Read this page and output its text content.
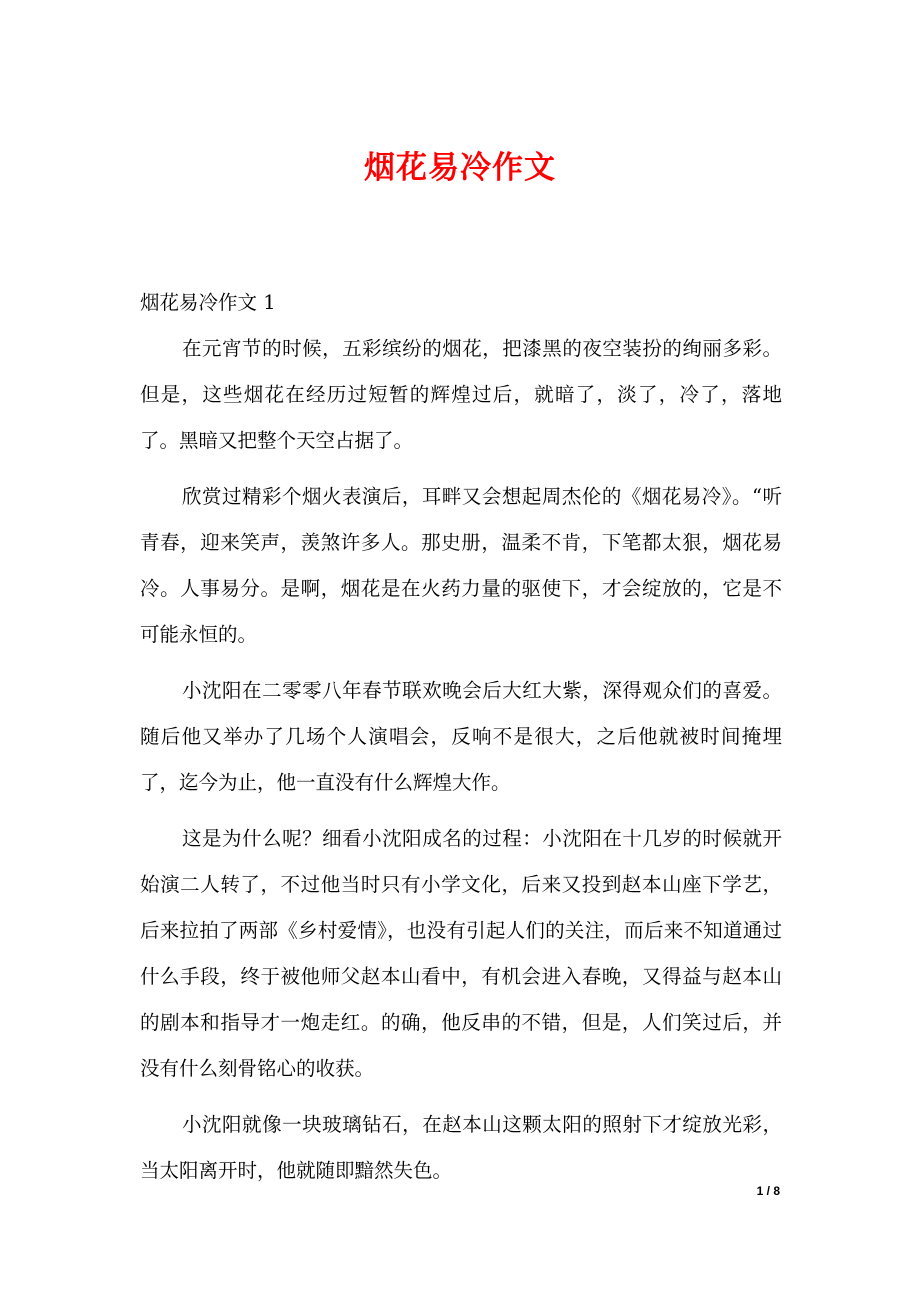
烟花易冷作文

烟花易冷作文 1

在元宵节的时候，五彩缤纷的烟花，把漆黑的夜空装扮的绚丽多彩。但是，这些烟花在经历过短暂的辉煌过后，就暗了，淡了，冷了，落地了。黑暗又把整个天空占据了。

欣赏过精彩个烟火表演后，耳畔又会想起周杰伦的《烟花易冷》。“听青春，迎来笑声，羡煞许多人。那史册，温柔不肯，下笔都太狠，烟花易冷。人事易分。是啊，烟花是在火药力量的驱使下，才会绽放的，它是不可能永恒的。

小沈阳在二零零八年春节联欢晚会后大红大紫，深得观众们的喜爱。随后他又举办了几场个人演唱会，反响不是很大，之后他就被时间掩埋了，迄今为止，他一直没有什么辉煌大作。

这是为什么呢？细看小沈阳成名的过程：小沈阳在十几岁的时候就开始演二人转了，不过他当时只有小学文化，后来又投到赵本山座下学艺，后来拉拍了两部《乡村爱情》，也没有引起人们的关注，而后来不知道通过什么手段，终于被他师父赵本山看中，有机会进入春晚，又得益与赵本山的剧本和指导才一炮走红。的确，他反串的不错，但是，人们笑过后，并没有什么刻骨铭心的收获。

小沈阳就像一块玻璃钻石，在赵本山这颗太阳的照射下才绽放光彩，当太阳离开时，他就随即黯然失色。

1 / 8
